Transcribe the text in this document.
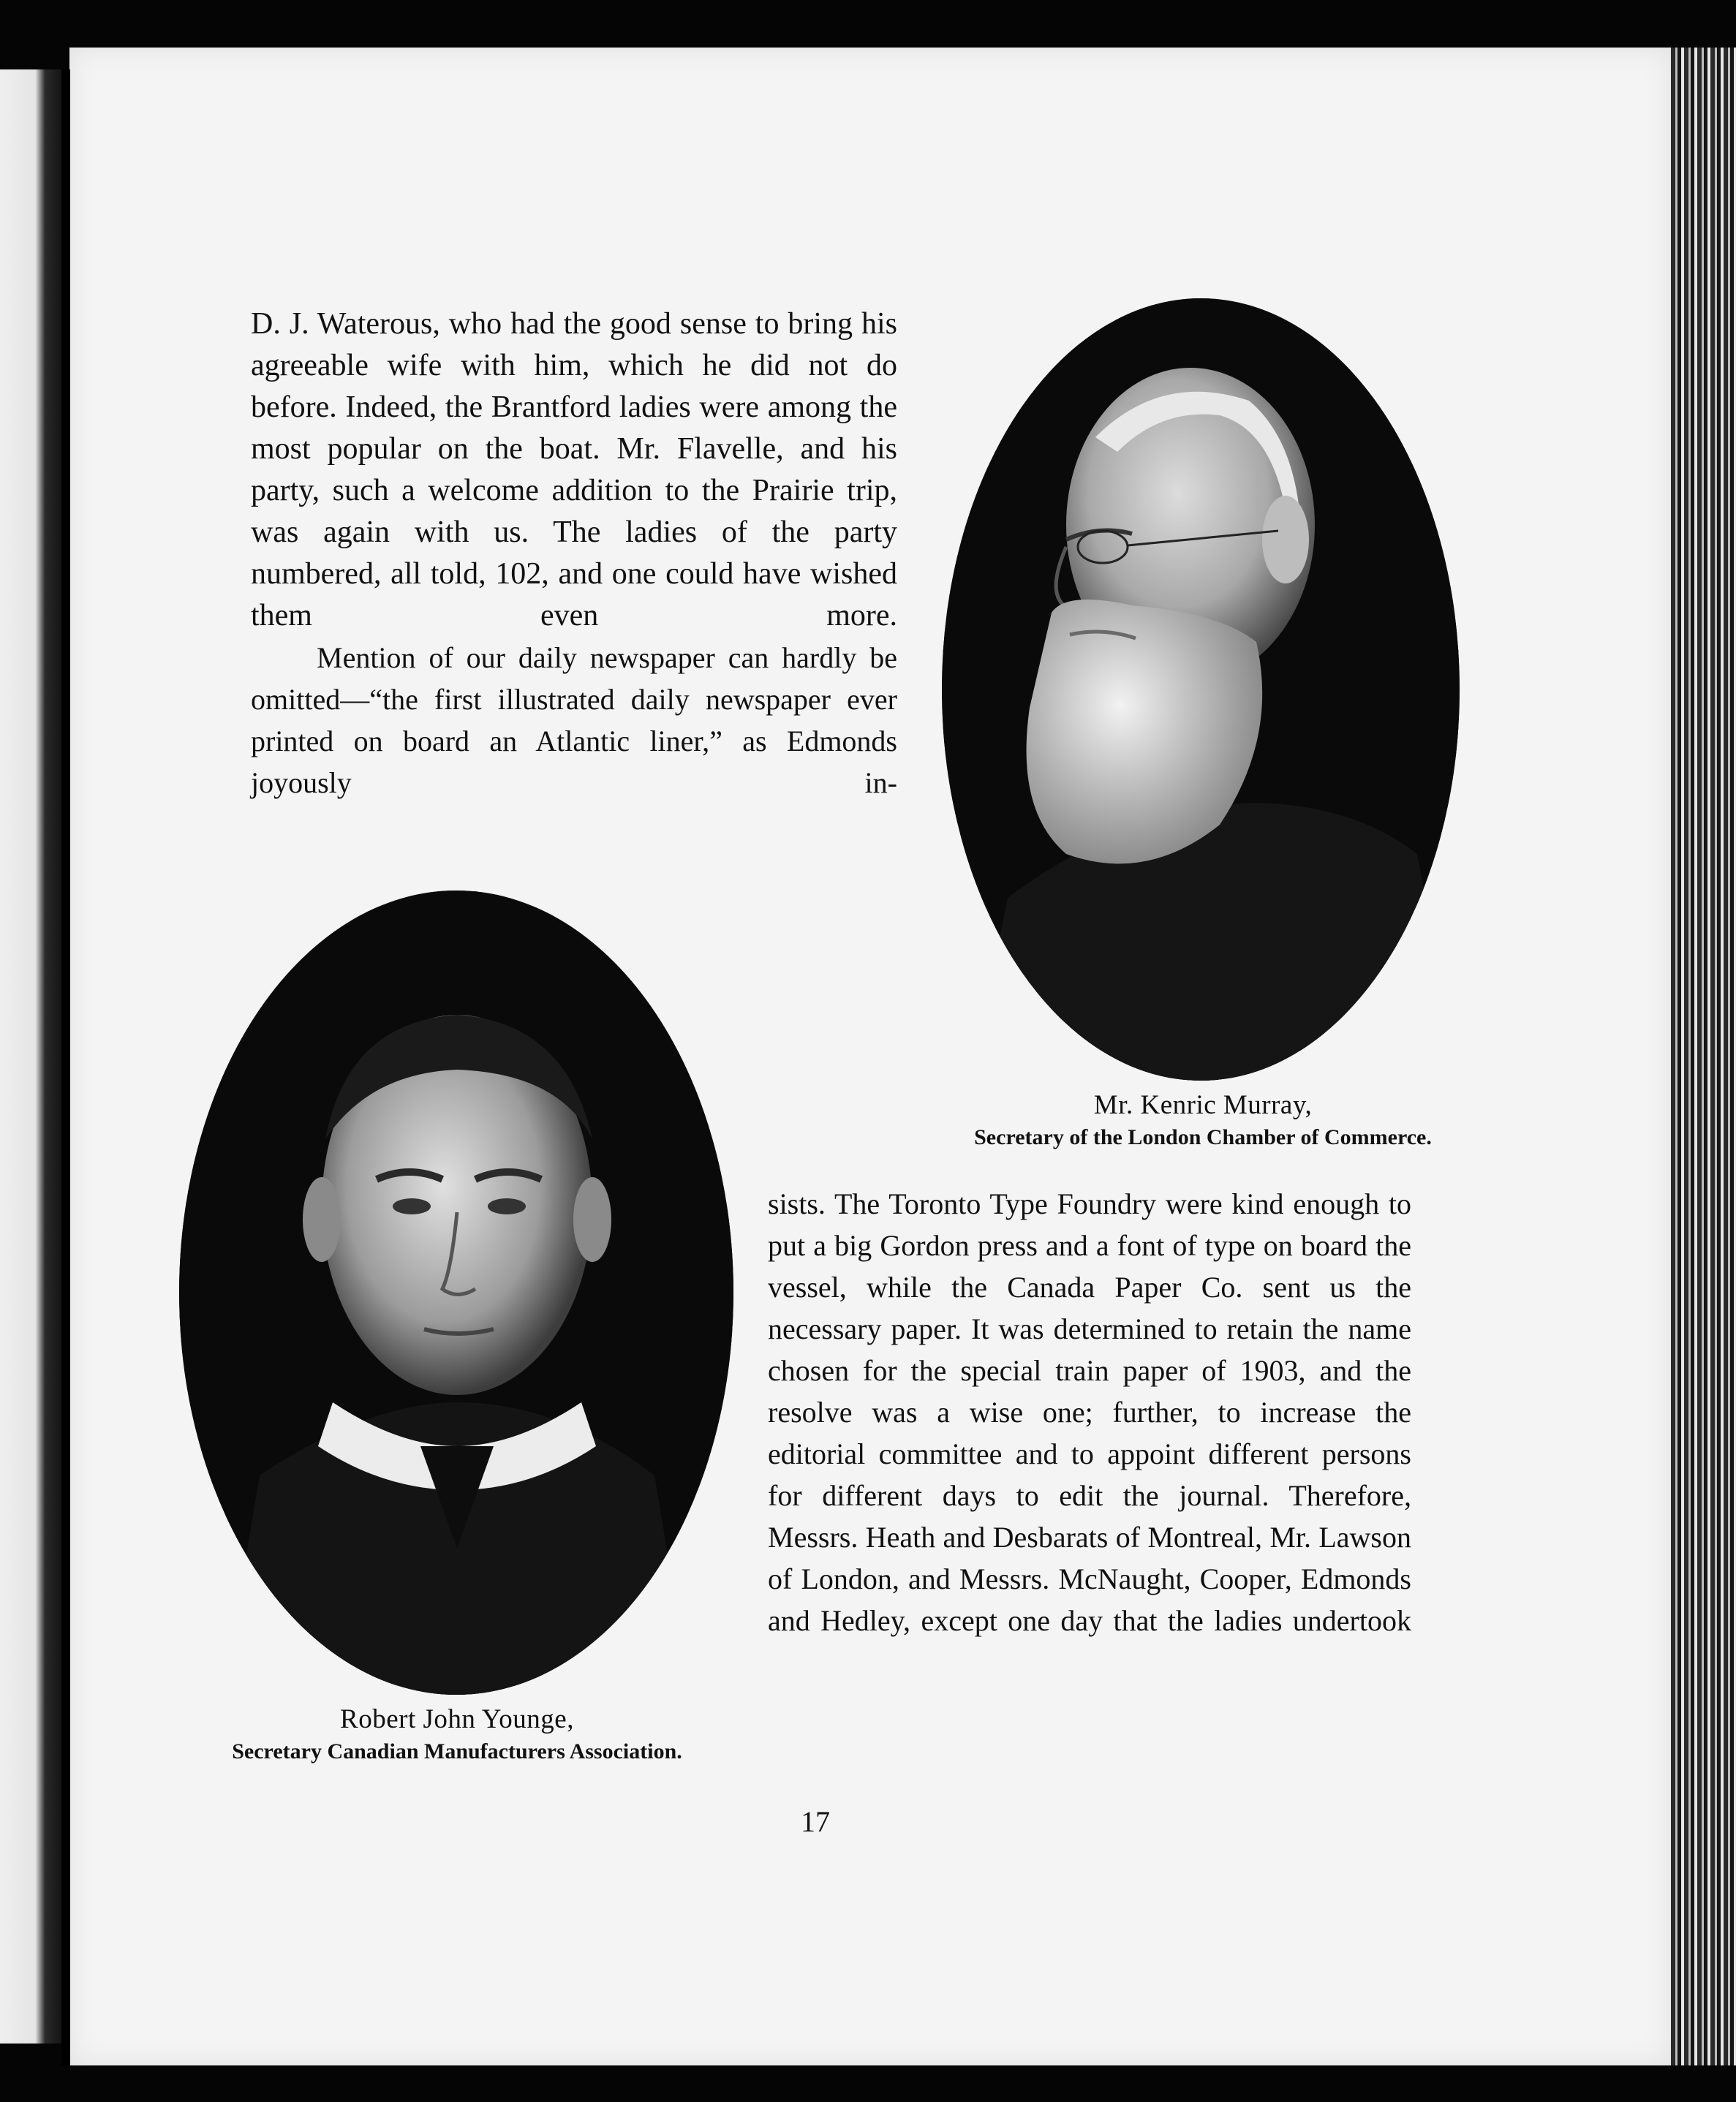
D. J. Waterous, who had the good sense to bring his agreeable wife with him, which he did not do before. Indeed, the Brantford ladies were among the most popular on the boat. Mr. Flavelle, and his party, such a welcome addition to the Prairie trip, was again with us. The ladies of the party numbered, all told, 102, and one could have wished them even more.

Mention of our daily newspaper can hardly be omitted—“the first illustrated daily newspaper ever printed on board an Atlantic liner,” as Edmonds joyously in-

Mr. Kenric Murray,
Secretary of the London Chamber of Commerce.
Robert John Younge,
Secretary Canadian Manufacturers Association.

sists. The Toronto Type Foundry were kind enough to put a big Gordon press and a font of type on board the vessel, while the Canada Paper Co. sent us the necessary paper. It was determined to retain the name chosen for the special train paper of 1903, and the resolve was a wise one; further, to increase the editorial committee and to appoint different persons for different days to edit the journal. Therefore, Messrs. Heath and Desbarats of Montreal, Mr. Lawson of London, and Messrs. McNaught, Cooper, Edmonds and Hedley, except one day that the ladies undertook

17
